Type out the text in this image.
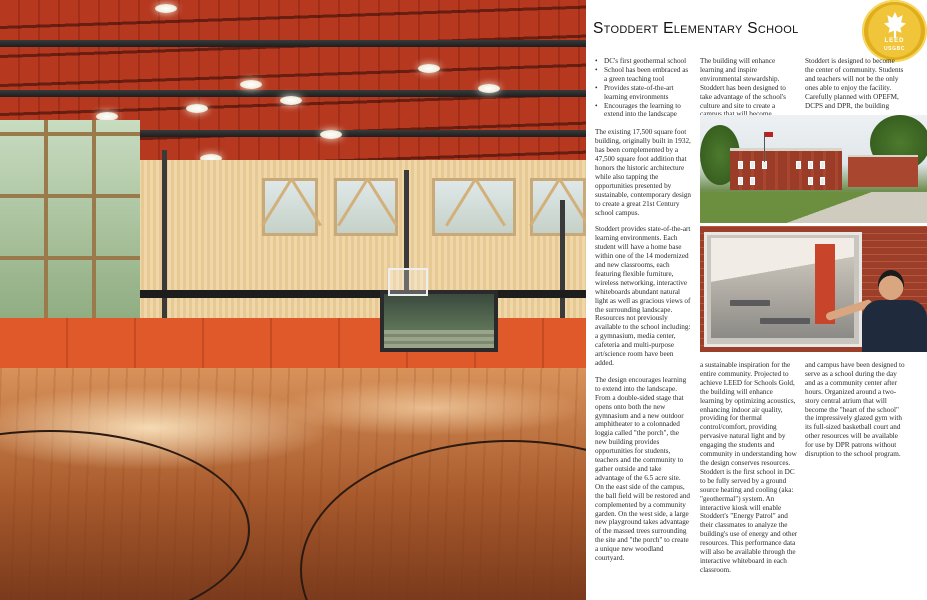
Stoddert Elementary School
LEED
USGBC
• DC's first geothermal school
• School has been embraced as a green teaching tool
• Provides state-of-the-art learning environments
• Encourages the learning to extend into the landscape

The existing 17,500 square foot building, originally built in 1932, has been complemented by a 47,500 square foot addition that honors the historic architecture while also tapping the opportunities presented by sustainable, contemporary design to create a great 21st Century school campus.

Stoddert provides state-of-the-art learning environments. Each student will have a home base within one of the 14 modernized and new classrooms, each featuring flexible furniture, wireless networking, interactive whiteboards abundant natural light as well as gracious views of the surrounding landscape. Resources not previously available to the school including: a gymnasium, media center, cafeteria and multi-purpose art/science room have been added.

The design encourages learning to extend into the landscape. From a double-sided stage that opens onto both the new gymnasium and a new outdoor amphitheater to a colonnaded loggia called "the porch", the new building provides opportunities for students, teachers and the community to gather outside and take advantage of the 6.5 acre site. On the east side of the campus, the ball field will be restored and complemented by a community garden. On the west side, a large new playground takes advantage of the massed trees surrounding the site and "the porch" to create a unique new woodland courtyard.

The building will enhance learning and inspire environmental stewardship. Stoddert has been designed to take advantage of the school's culture and site to create a

Stoddert is designed to become the center of community. Students and teachers will not be the only ones able to enjoy the facility. Carefully planned with OPEFM, DCPS and DPR, the building

a sustainable inspiration for the entire community. Projected to achieve LEED for Schools Gold, the building will enhance learning by optimizing acoustics, enhancing indoor air quality, providing for thermal control/comfort, providing pervasive natural light and by engaging the students and community in understanding how the design conserves resources. Stoddert is the first school in DC to be fully served by a ground source heating and cooling (aka: "geothermal") system. An interactive kiosk will enable Stoddert's "Energy Patrol" and their classmates to analyze the building's use of energy and other resources. This performance data will also be available through the interactive whiteboard in each classroom.

and campus have been designed to serve as a school during the day and as a community center after hours. Organized around a two-story central atrium that will become the "heart of the school" the impressively glazed gym with its full-sized basketball court and other resources will be available for use by DPR patrons without disruption to the school program.
